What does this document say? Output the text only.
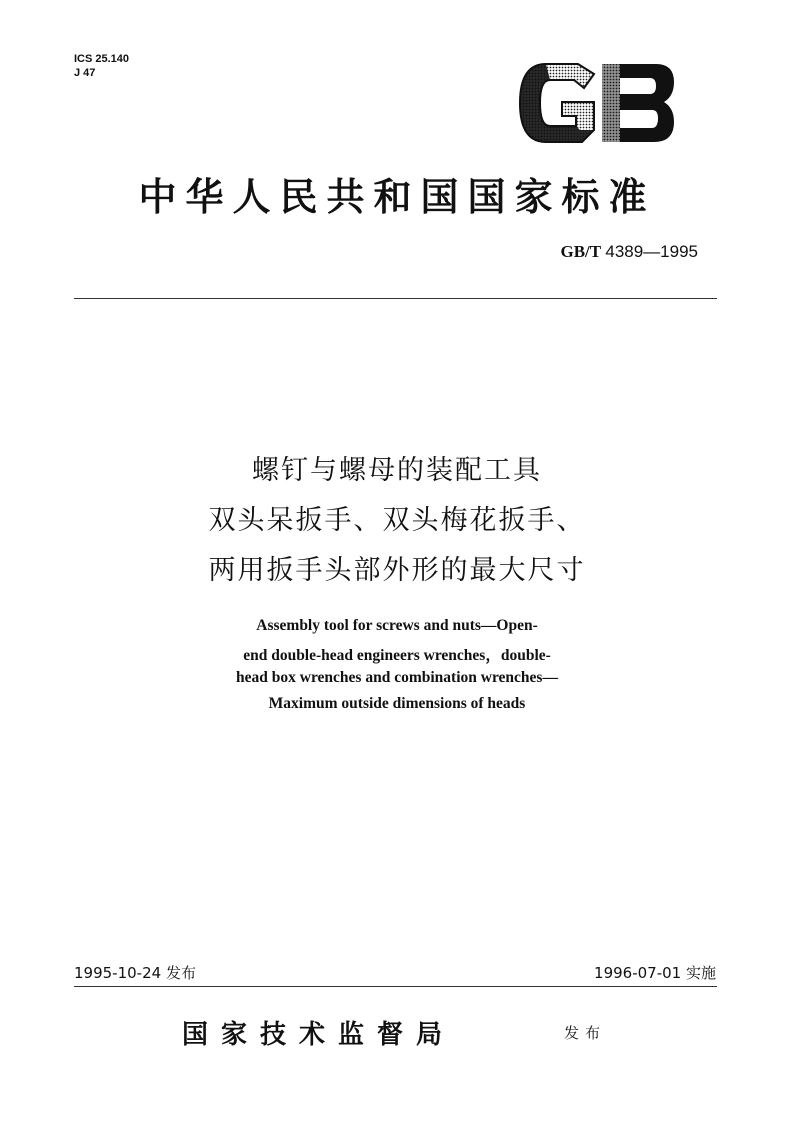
ICS 25.140
J 47
中华人民共和国国家标准
GB/T 4389—1995
螺钉与螺母的装配工具
双头呆扳手、双头梅花扳手、
两用扳手头部外形的最大尺寸
Assembly tool for screws and nuts—Open-
end double-head engineers wrenches，double-
head box wrenches and combination wrenches—
Maximum outside dimensions of heads
1995-10-24 发布	1996-07-01 实施
国家技术监督局	发布
